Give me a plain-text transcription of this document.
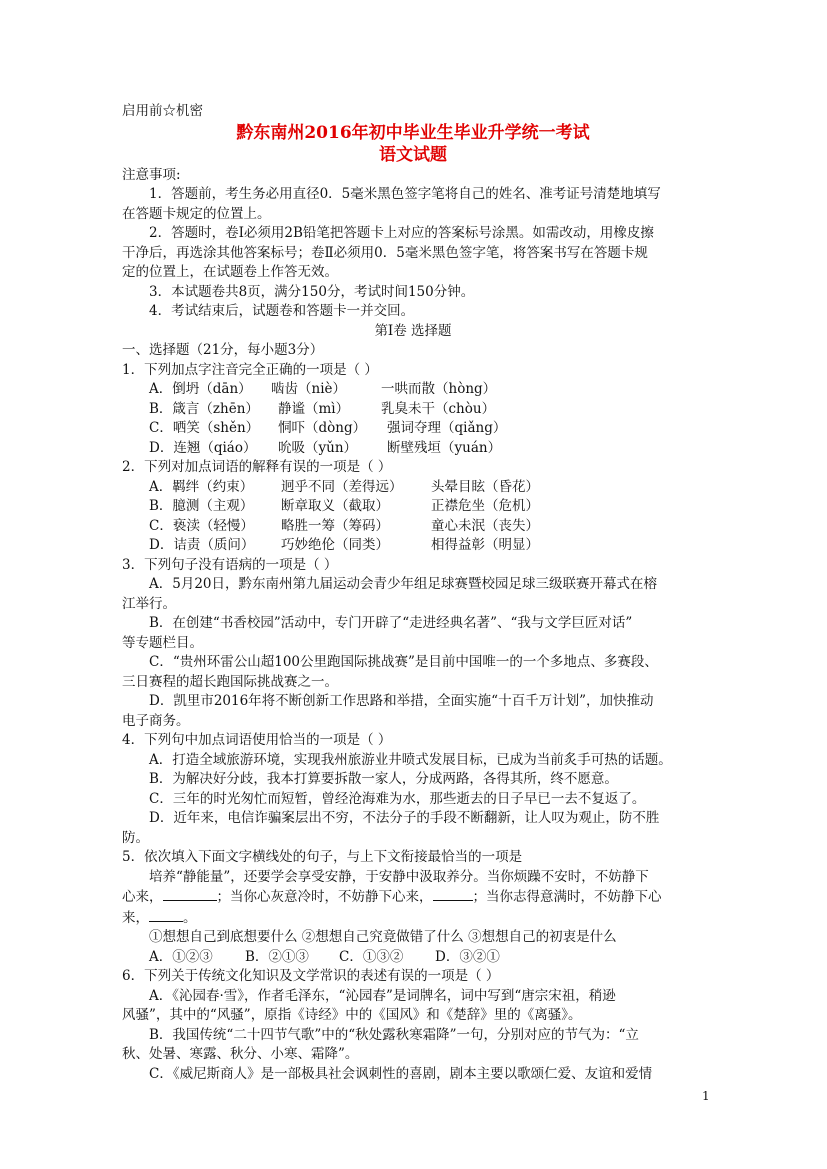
启用前☆机密
黔东南州2016年初中毕业生毕业升学统一考试
语文试题
注意事项:
1．答题前，考生务必用直径0．5毫米黑色签字笔将自己的姓名、准考证号清楚地填写
在答题卡规定的位置上。
2．答题时，卷Ⅰ必须用2B铅笔把答题卡上对应的答案标号涂黑。如需改动，用橡皮擦
干净后，再选涂其他答案标号；卷Ⅱ必须用0．5毫米黑色签字笔，将答案书写在答题卡规
定的位置上，在试题卷上作答无效。
3．本试题卷共8页，满分150分，考试时间150分钟。
4．考试结束后，试题卷和答题卡一并交回。
第Ⅰ卷 选择题
一、选择题（21分，每小题3分）
1．下列加点字注音完全正确的一项是（ ）
A．倒坍（dān）	啮齿（niè）	一哄而散（hòng）
B．箴言（zhēn）	静谧（mì）	乳臭未干（chòu）
C．哂笑（shěn）	恫吓（dòng）	强词夺理（qiǎng）
D．连翘（qiáo）	吮吸（yǔn）	断壁残垣（yuán）
2．下列对加点词语的解释有误的一项是（ ）
A．羁绊（约束）	迥乎不同（差得远）	头晕目眩（昏花）
B．臆测（主观）	断章取义（截取）	正襟危坐（危机）
C．亵渎（轻慢）	略胜一筹（筹码）	童心未泯（丧失）
D．诘责（质问）	巧妙绝伦（同类）	相得益彰（明显）
3．下列句子没有语病的一项是（ ）
A．5月20日，黔东南州第九届运动会青少年组足球赛暨校园足球三级联赛开幕式在榕
江举行。
B．在创建“书香校园”活动中，专门开辟了“走进经典名著”、“我与文学巨匠对话”
等专题栏目。
C．“贵州环雷公山超100公里跑国际挑战赛”是目前中国唯一的一个多地点、多赛段、
三日赛程的超长跑国际挑战赛之一。
D．凯里市2016年将不断创新工作思路和举措，全面实施“十百千万计划”，加快推动
电子商务。
4．下列句中加点词语使用恰当的一项是（ ）
A．打造全域旅游环境，实现我州旅游业井喷式发展目标，已成为当前炙手可热的话题。
B．为解决好分歧，我本打算要拆散一家人，分成两路，各得其所，终不愿意。
C．三年的时光匆忙而短暂，曾经沧海难为水，那些逝去的日子早已一去不复返了。
D．近年来，电信诈骗案层出不穷，不法分子的手段不断翻新，让人叹为观止，防不胜
防。
5．依次填入下面文字横线处的句子，与上下文衔接最恰当的一项是
培养“静能量”，还要学会享受安静，于安静中汲取养分。当你烦躁不安时，不妨静下
心来，	；当你心灰意冷时，不妨静下心来，	；当你志得意满时，不妨静下心
来，	。
①想想自己到底想要什么 ②想想自己究竟做错了什么 ③想想自己的初衷是什么
A．①②③	B．②①③	C．①③②	D．③②①
6．下列关于传统文化知识及文学常识的表述有误的一项是（ ）
A．《沁园春·雪》，作者毛泽东，“沁园春”是词牌名，词中写到“唐宗宋祖，稍逊
风骚”，其中的“风骚”，原指《诗经》中的《国风》和《楚辞》里的《离骚》。
B．我国传统“二十四节气歌”中的“秋处露秋寒霜降”一句，分别对应的节气为：“立
秋、处暑、寒露、秋分、小寒、霜降”。
C．《威尼斯商人》是一部极具社会讽刺性的喜剧，剧本主要以歌颂仁爱、友谊和爱情
1
